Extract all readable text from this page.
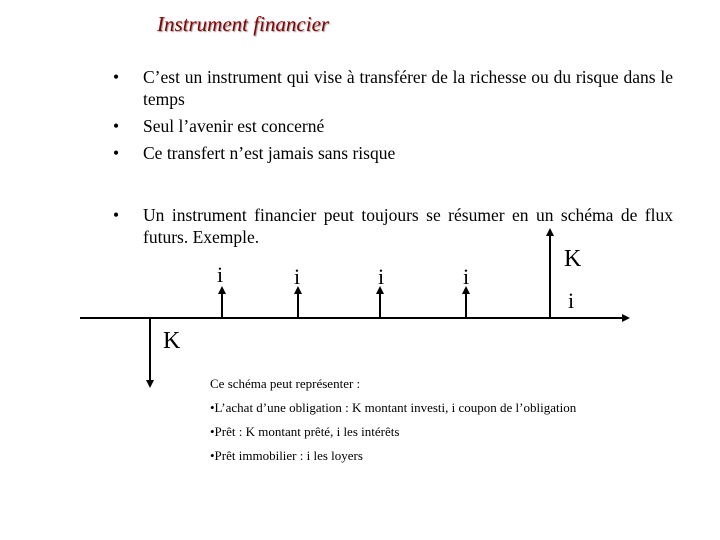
Instrument financier
•	C’est un instrument qui vise à transférer de la richesse ou du risque dans le temps
•	Seul l’avenir est concerné
•	Ce transfert n’est jamais sans risque
•	Un instrument financier peut toujours se résumer en un schéma de flux futurs. Exemple.
i	i	i	i
K
i
K
Ce schéma peut représenter :
•L’achat d’une obligation : K montant investi, i coupon de l’obligation
•Prêt : K montant prêté, i les intérêts
•Prêt immobilier : i les loyers
